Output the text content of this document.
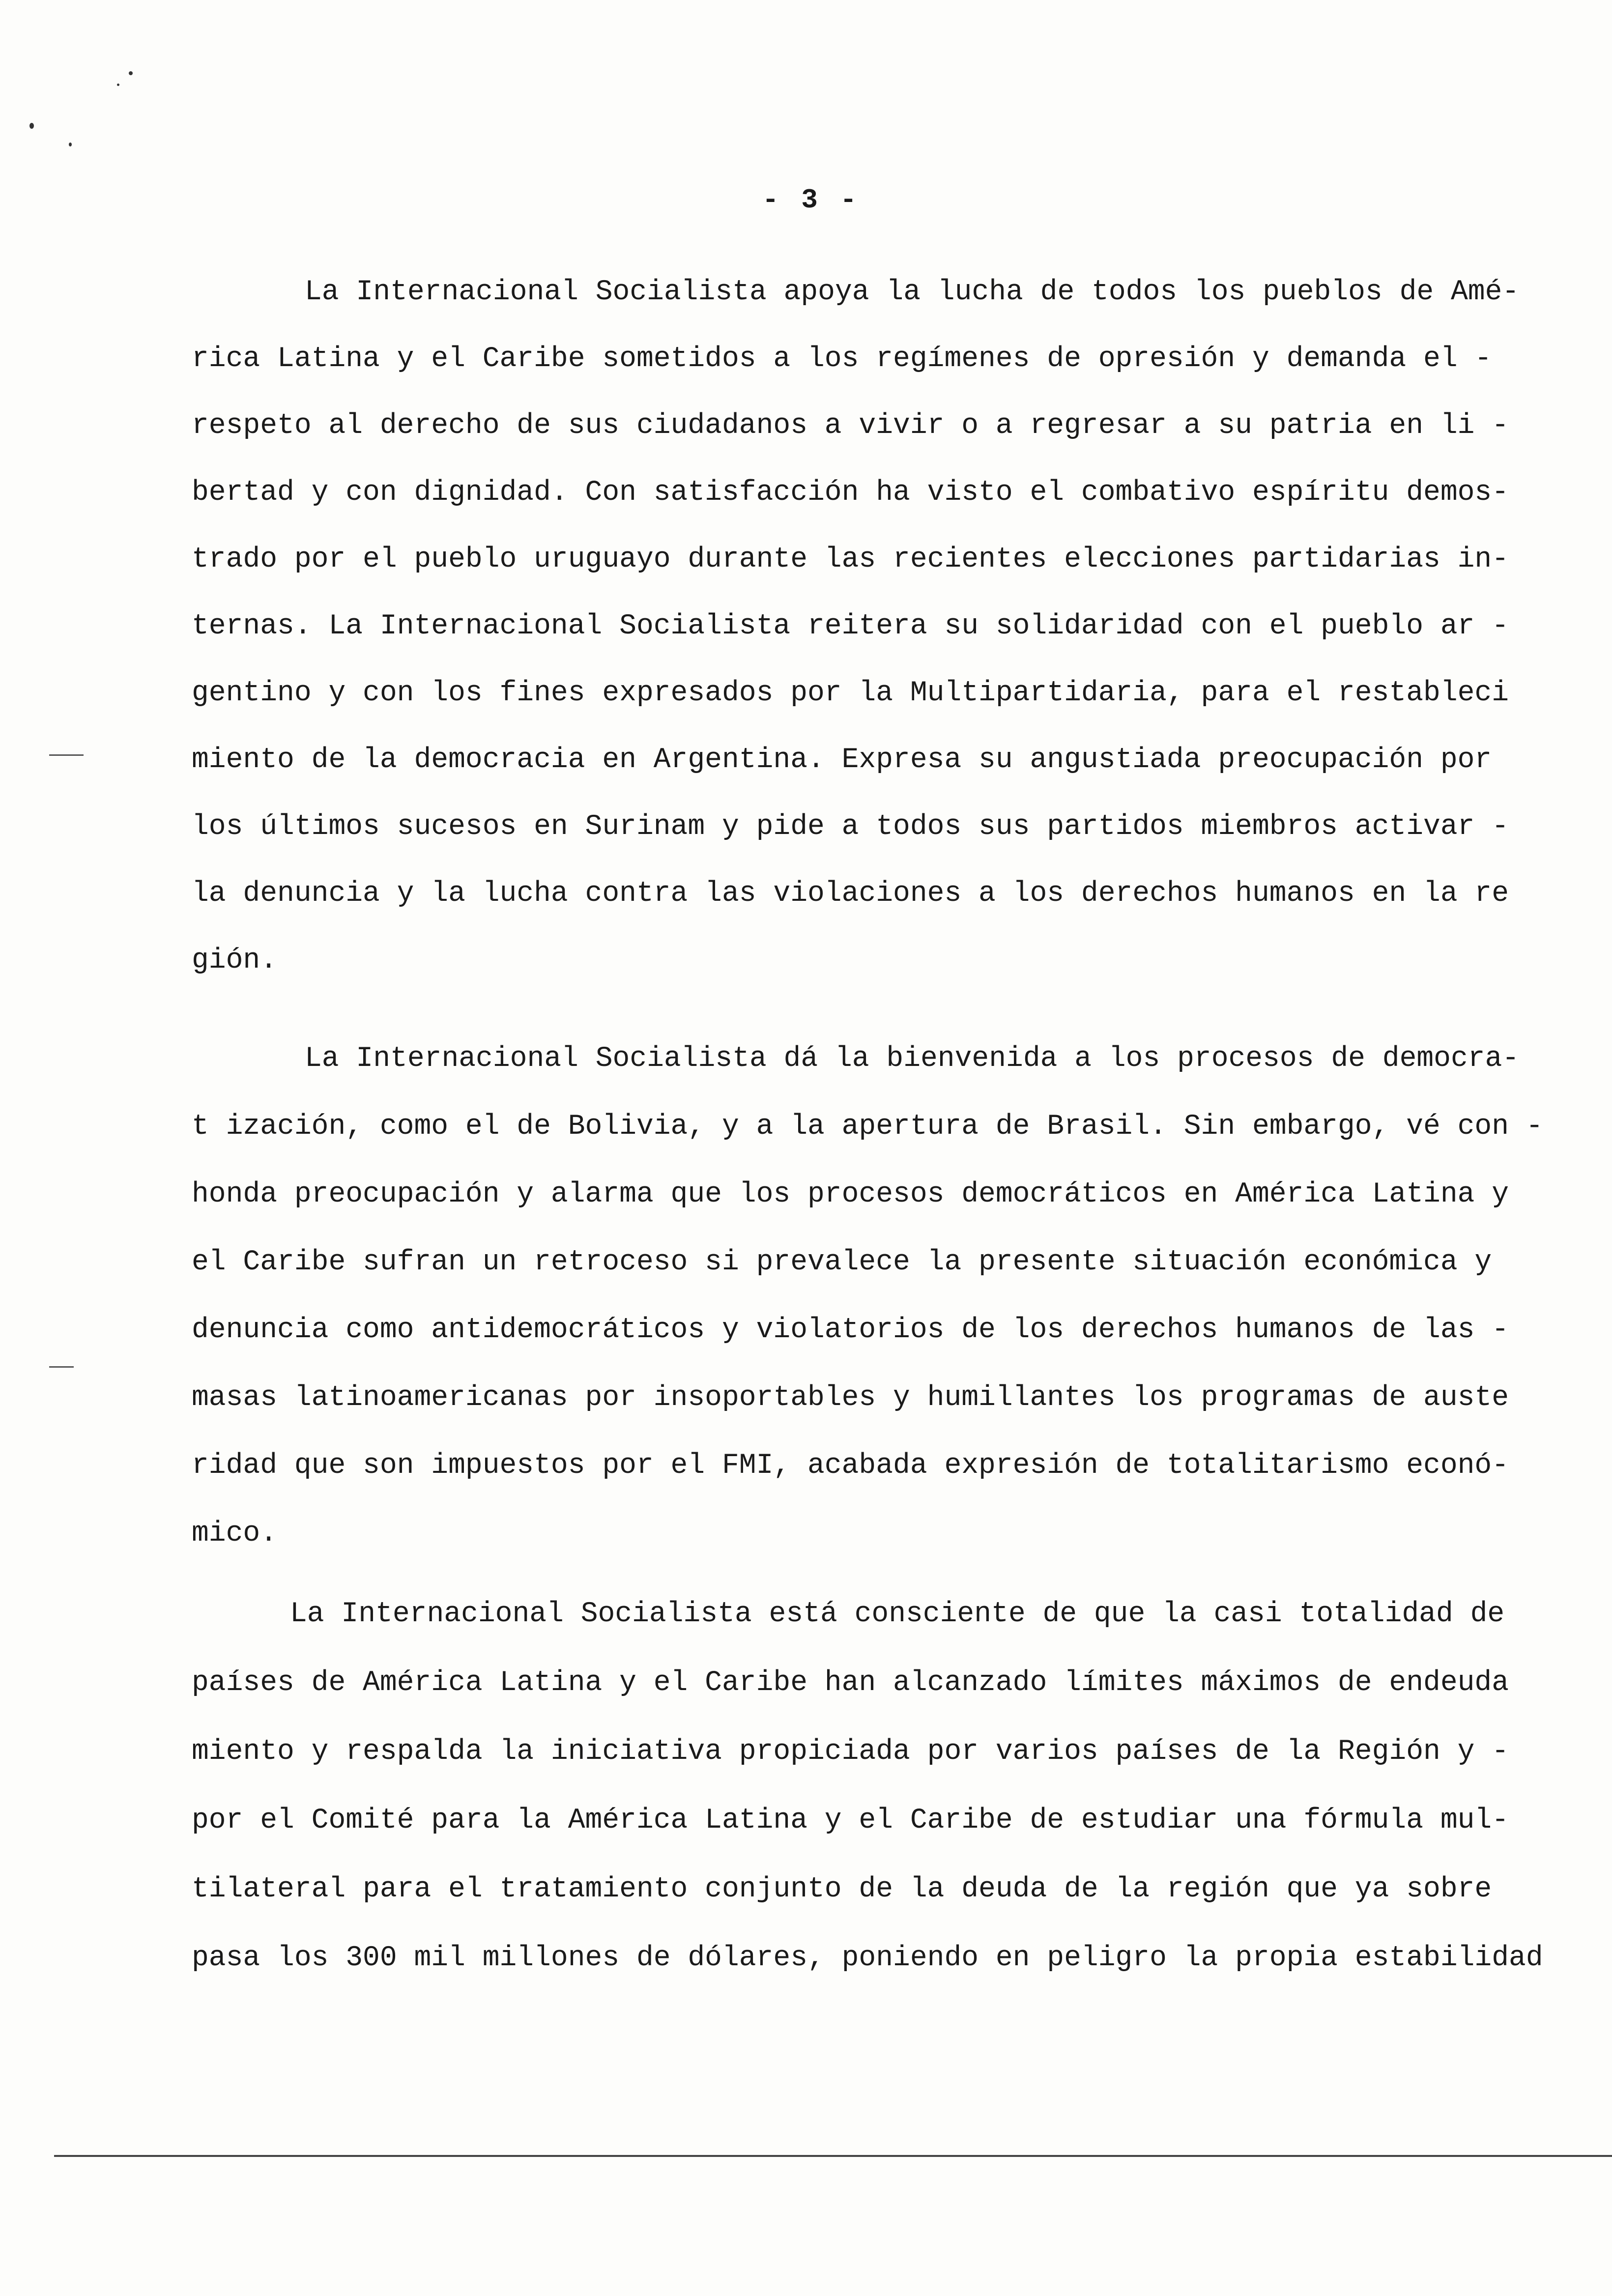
- 3 -
La Internacional Socialista apoya la lucha de todos los pueblos de Amé-
rica Latina y el Caribe sometidos a los regímenes de opresión y demanda el -
respeto al derecho de sus ciudadanos a vivir o a regresar a su patria en li -
bertad y con dignidad. Con satisfacción ha visto el combativo espíritu demos-
trado por el pueblo uruguayo durante las recientes elecciones partidarias in-
ternas. La Internacional Socialista reitera su solidaridad con el pueblo ar -
gentino y con los fines expresados por la Multipartidaria, para el restableci
miento de la democracia en Argentina. Expresa su angustiada preocupación por
los últimos sucesos en Surinam y pide a todos sus partidos miembros activar -
la denuncia y la lucha contra las violaciones a los derechos humanos en la re
gión.
La Internacional Socialista dá la bienvenida a los procesos de democra-
t ización, como el de Bolivia, y a la apertura de Brasil. Sin embargo, vé con -
honda preocupación y alarma que los procesos democráticos en América Latina y
el Caribe sufran un retroceso si prevalece la presente situación económica y
denuncia como antidemocráticos y violatorios de los derechos humanos de las -
masas latinoamericanas por insoportables y humillantes los programas de auste
ridad que son impuestos por el FMI, acabada expresión de totalitarismo econó-
mico.
La Internacional Socialista está consciente de que la casi totalidad de
países de América Latina y el Caribe han alcanzado límites máximos de endeuda
miento y respalda la iniciativa propiciada por varios países de la Región y -
por el Comité para la América Latina y el Caribe de estudiar una fórmula mul-
tilateral para el tratamiento conjunto de la deuda de la región que ya sobre
pasa los 300 mil millones de dólares, poniendo en peligro la propia estabilidad
